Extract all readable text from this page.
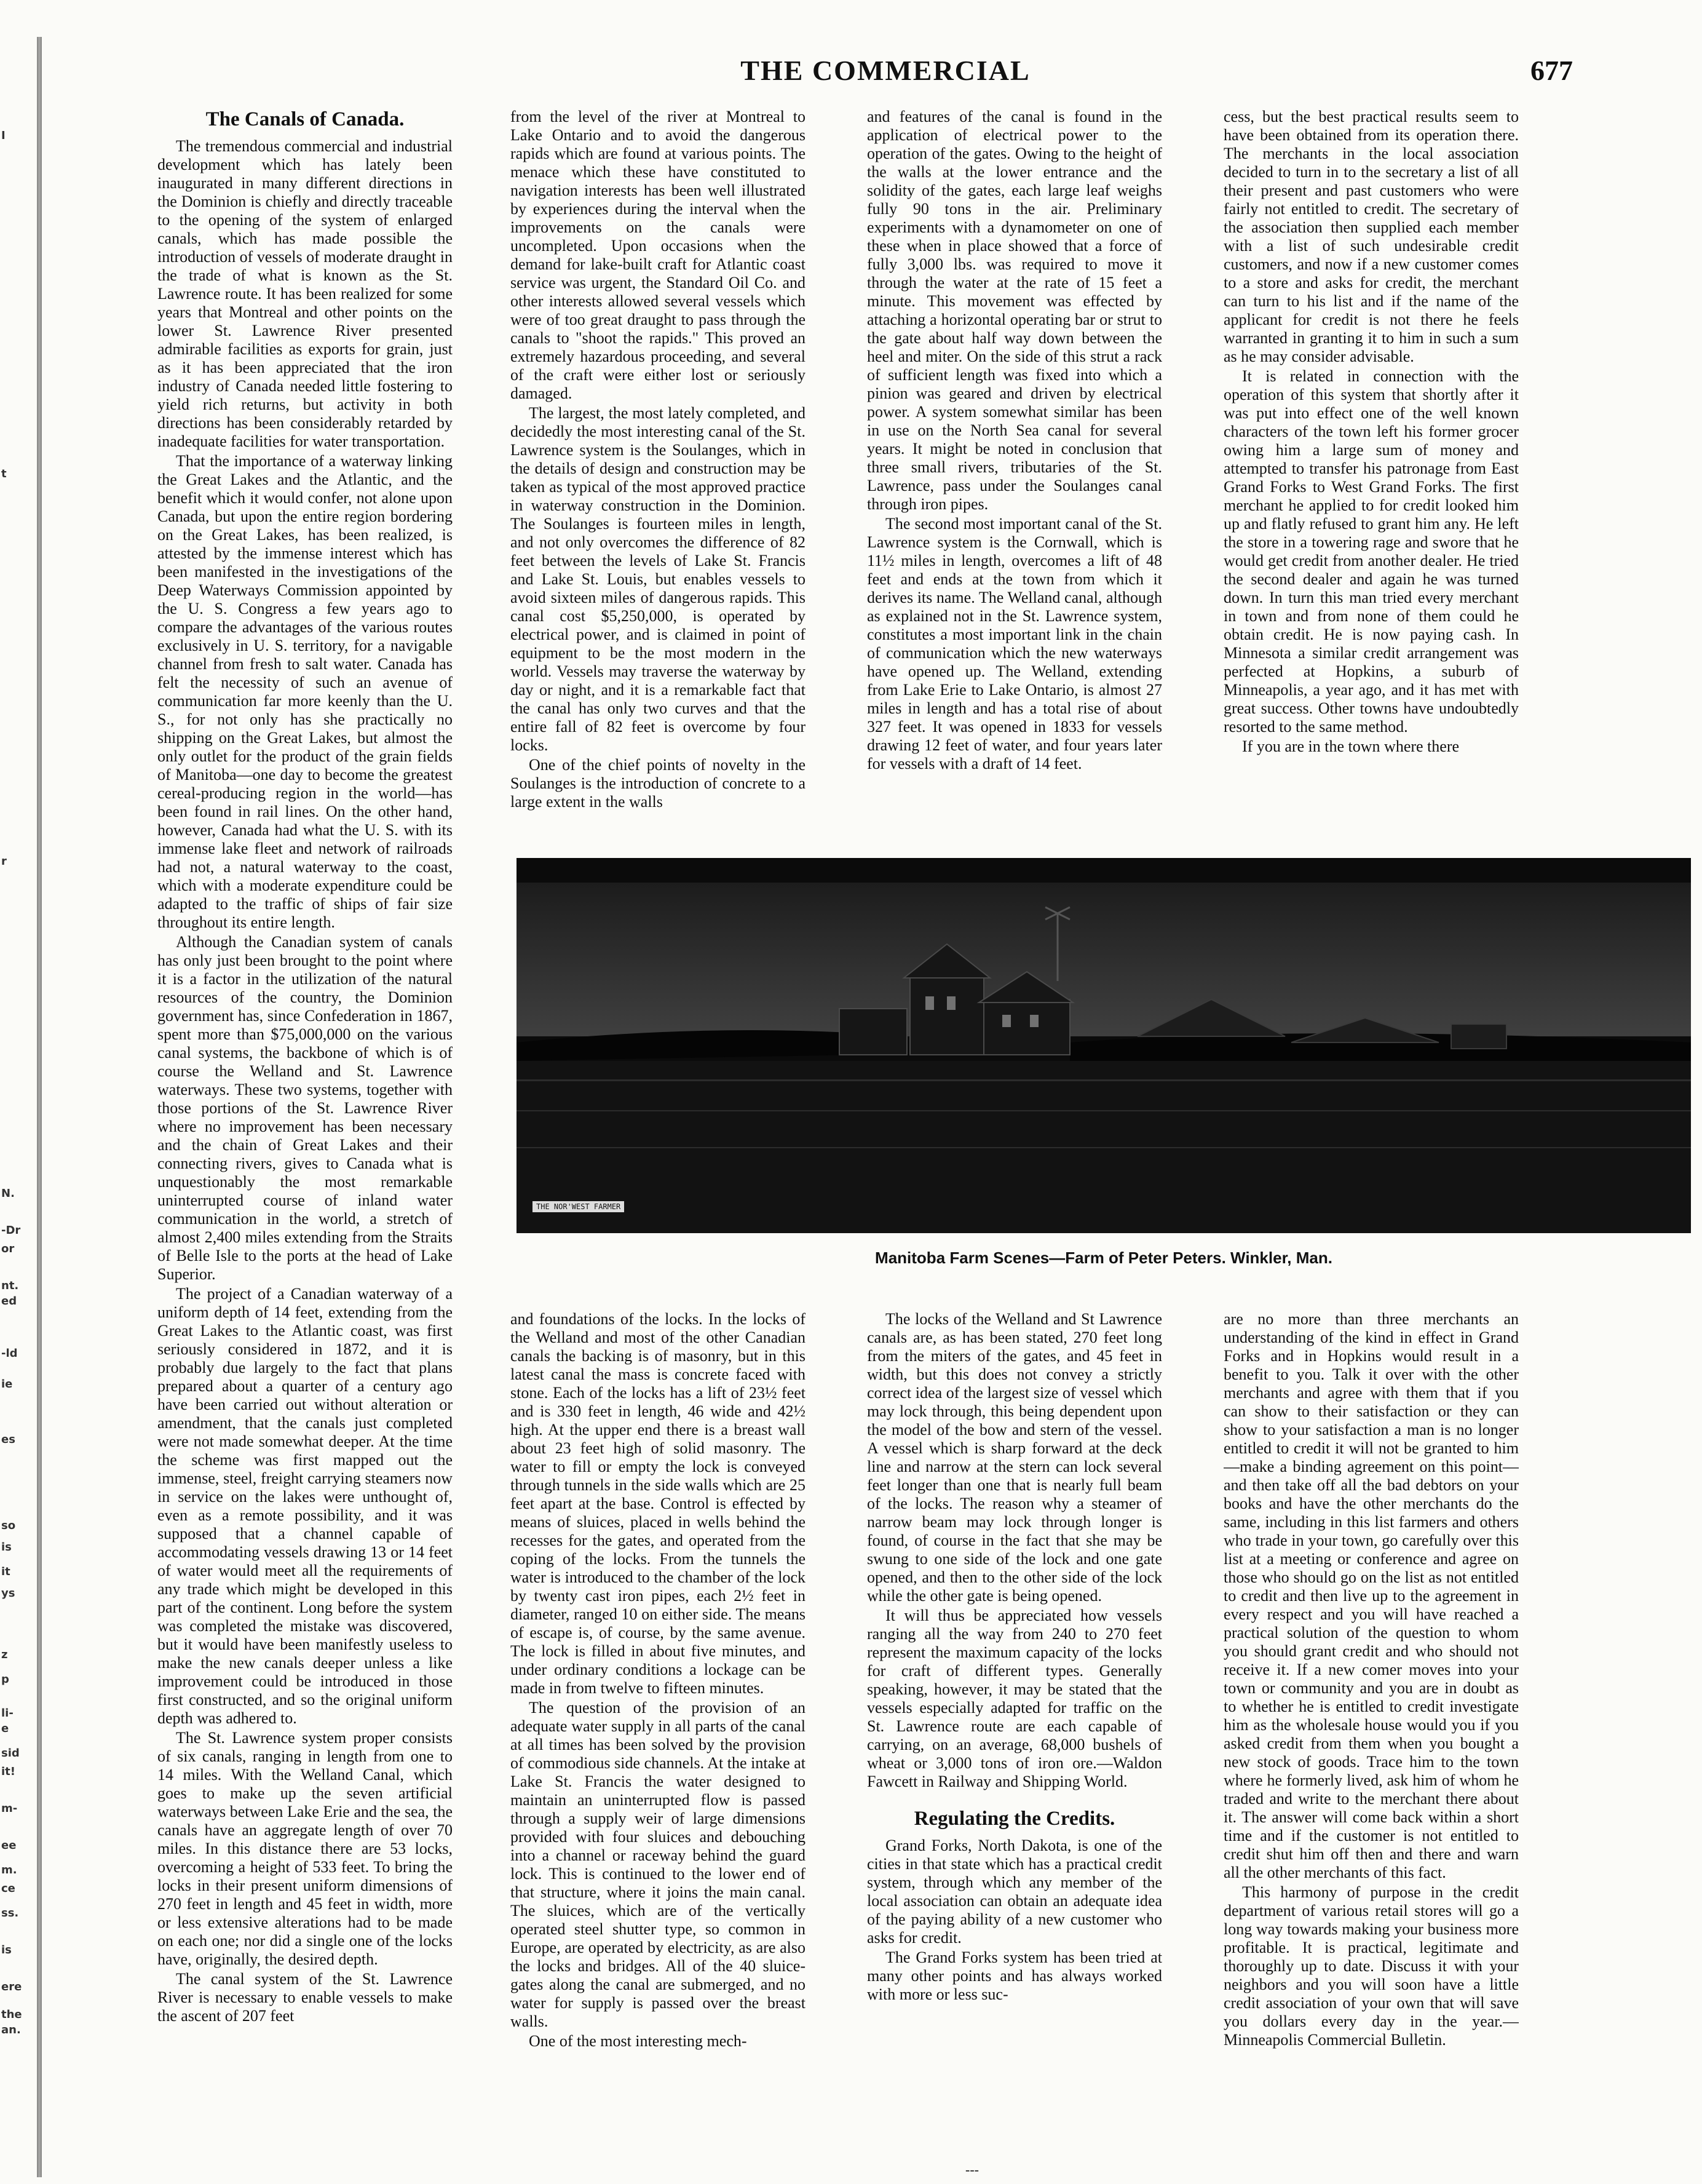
I
t
r
N.
-Dr
or
nt.
ed
-ld
ie
es
so
is
it
ys
z
p
li-
e
sid
it!
m-
ee
m.
ce
ss.
is
ere
the
an.
THE COMMERCIAL	677
The Canals of Canada.

The tremendous commercial and industrial development which has lately been inaugurated in many different directions in the Dominion is chiefly and directly traceable to the opening of the system of enlarged canals, which has made possible the introduction of vessels of moderate draught in the trade of what is known as the St. Lawrence route. It has been realized for some years that Montreal and other points on the lower St. Lawrence River presented admirable facilities as exports for grain, just as it has been appreciated that the iron industry of Canada needed little fostering to yield rich returns, but activity in both directions has been considerably retarded by inadequate facilities for water transportation.

That the importance of a waterway linking the Great Lakes and the Atlantic, and the benefit which it would confer, not alone upon Canada, but upon the entire region bordering on the Great Lakes, has been realized, is attested by the immense interest which has been manifested in the investigations of the Deep Waterways Commission appointed by the U. S. Congress a few years ago to compare the advantages of the various routes exclusively in U. S. territory, for a navigable channel from fresh to salt water. Canada has felt the necessity of such an avenue of communication far more keenly than the U. S., for not only has she practically no shipping on the Great Lakes, but almost the only outlet for the product of the grain fields of Manitoba—one day to become the greatest cereal-producing region in the world—has been found in rail lines. On the other hand, however, Canada had what the U. S. with its immense lake fleet and network of railroads had not, a natural waterway to the coast, which with a moderate expenditure could be adapted to the traffic of ships of fair size throughout its entire length.

Although the Canadian system of canals has only just been brought to the point where it is a factor in the utilization of the natural resources of the country, the Dominion government has, since Confederation in 1867, spent more than $75,000,000 on the various canal systems, the backbone of which is of course the Welland and St. Lawrence waterways. These two systems, together with those portions of the St. Lawrence River where no improvement has been necessary and the chain of Great Lakes and their connecting rivers, gives to Canada what is unquestionably the most remarkable uninterrupted course of inland water communication in the world, a stretch of almost 2,400 miles extending from the Straits of Belle Isle to the ports at the head of Lake Superior.

The project of a Canadian waterway of a uniform depth of 14 feet, extending from the Great Lakes to the Atlantic coast, was first seriously considered in 1872, and it is probably due largely to the fact that plans prepared about a quarter of a century ago have been carried out without alteration or amendment, that the canals just completed were not made somewhat deeper. At the time the scheme was first mapped out the immense, steel, freight carrying steamers now in service on the lakes were unthought of, even as a remote possibility, and it was supposed that a channel capable of accommodating vessels drawing 13 or 14 feet of water would meet all the requirements of any trade which might be developed in this part of the continent. Long before the system was completed the mistake was discovered, but it would have been manifestly useless to make the new canals deeper unless a like improvement could be introduced in those first constructed, and so the original uniform depth was adhered to.

The St. Lawrence system proper consists of six canals, ranging in length from one to 14 miles. With the Welland Canal, which goes to make up the seven artificial waterways between Lake Erie and the sea, the canals have an aggregate length of over 70 miles. In this distance there are 53 locks, overcoming a height of 533 feet. To bring the locks in their present uniform dimensions of 270 feet in length and 45 feet in width, more or less extensive alterations had to be made on each one; nor did a single one of the locks have, originally, the desired depth.

The canal system of the St. Lawrence River is necessary to enable vessels to make the ascent of 207 feet

from the level of the river at Montreal to Lake Ontario and to avoid the dangerous rapids which are found at various points. The menace which these have constituted to navigation interests has been well illustrated by experiences during the interval when the improvements on the canals were uncompleted. Upon occasions when the demand for lake-built craft for Atlantic coast service was urgent, the Standard Oil Co. and other interests allowed several vessels which were of too great draught to pass through the canals to "shoot the rapids." This proved an extremely hazardous proceeding, and several of the craft were either lost or seriously damaged.

The largest, the most lately completed, and decidedly the most interesting canal of the St. Lawrence system is the Soulanges, which in the details of design and construction may be taken as typical of the most approved practice in waterway construction in the Dominion. The Soulanges is fourteen miles in length, and not only overcomes the difference of 82 feet between the levels of Lake St. Francis and Lake St. Louis, but enables vessels to avoid sixteen miles of dangerous rapids. This canal cost $5,250,000, is operated by electrical power, and is claimed in point of equipment to be the most modern in the world. Vessels may traverse the waterway by day or night, and it is a remarkable fact that the canal has only two curves and that the entire fall of 82 feet is overcome by four locks.

One of the chief points of novelty in the Soulanges is the introduction of concrete to a large extent in the walls

and features of the canal is found in the application of electrical power to the operation of the gates. Owing to the height of the walls at the lower entrance and the solidity of the gates, each large leaf weighs fully 90 tons in the air. Preliminary experiments with a dynamometer on one of these when in place showed that a force of fully 3,000 lbs. was required to move it through the water at the rate of 15 feet a minute. This movement was effected by attaching a horizontal operating bar or strut to the gate about half way down between the heel and miter. On the side of this strut a rack of sufficient length was fixed into which a pinion was geared and driven by electrical power. A system somewhat similar has been in use on the North Sea canal for several years. It might be noted in conclusion that three small rivers, tributaries of the St. Lawrence, pass under the Soulanges canal through iron pipes.

The second most important canal of the St. Lawrence system is the Cornwall, which is 11½ miles in length, overcomes a lift of 48 feet and ends at the town from which it derives its name. The Welland canal, although as explained not in the St. Lawrence system, constitutes a most important link in the chain of communication which the new waterways have opened up. The Welland, extending from Lake Erie to Lake Ontario, is almost 27 miles in length and has a total rise of about 327 feet. It was opened in 1833 for vessels drawing 12 feet of water, and four years later for vessels with a draft of 14 feet.

cess, but the best practical results seem to have been obtained from its operation there. The merchants in the local association decided to turn in to the secretary a list of all their present and past customers who were fairly not entitled to credit. The secretary of the association then supplied each member with a list of such undesirable credit customers, and now if a new customer comes to a store and asks for credit, the merchant can turn to his list and if the name of the applicant for credit is not there he feels warranted in granting it to him in such a sum as he may consider advisable.

It is related in connection with the operation of this system that shortly after it was put into effect one of the well known characters of the town left his former grocer owing him a large sum of money and attempted to transfer his patronage from East Grand Forks to West Grand Forks. The first merchant he applied to for credit looked him up and flatly refused to grant him any. He left the store in a towering rage and swore that he would get credit from another dealer. He tried the second dealer and again he was turned down. In turn this man tried every merchant in town and from none of them could he obtain credit. He is now paying cash. In Minnesota a similar credit arrangement was perfected at Hopkins, a suburb of Minneapolis, a year ago, and it has met with great success. Other towns have undoubtedly resorted to the same method.

If you are in the town where there

THE NOR'WEST FARMER
Manitoba Farm Scenes—Farm of Peter Peters. Winkler, Man.

and foundations of the locks. In the locks of the Welland and most of the other Canadian canals the backing is of masonry, but in this latest canal the mass is concrete faced with stone. Each of the locks has a lift of 23½ feet and is 330 feet in length, 46 wide and 42½ high. At the upper end there is a breast wall about 23 feet high of solid masonry. The water to fill or empty the lock is conveyed through tunnels in the side walls which are 25 feet apart at the base. Control is effected by means of sluices, placed in wells behind the recesses for the gates, and operated from the coping of the locks. From the tunnels the water is introduced to the chamber of the lock by twenty cast iron pipes, each 2½ feet in diameter, ranged 10 on either side. The means of escape is, of course, by the same avenue. The lock is filled in about five minutes, and under ordinary conditions a lockage can be made in from twelve to fifteen minutes.

The question of the provision of an adequate water supply in all parts of the canal at all times has been solved by the provision of commodious side channels. At the intake at Lake St. Francis the water designed to maintain an uninterrupted flow is passed through a supply weir of large dimensions provided with four sluices and debouching into a channel or raceway behind the guard lock. This is continued to the lower end of that structure, where it joins the main canal. The sluices, which are of the vertically operated steel shutter type, so common in Europe, are operated by electricity, as are also the locks and bridges. All of the 40 sluice-gates along the canal are submerged, and no water for supply is passed over the breast walls.

One of the most interesting mech-

The locks of the Welland and St Lawrence canals are, as has been stated, 270 feet long from the miters of the gates, and 45 feet in width, but this does not convey a strictly correct idea of the largest size of vessel which may lock through, this being dependent upon the model of the bow and stern of the vessel. A vessel which is sharp forward at the deck line and narrow at the stern can lock several feet longer than one that is nearly full beam of the locks. The reason why a steamer of narrow beam may lock through longer is found, of course in the fact that she may be swung to one side of the lock and one gate opened, and then to the other side of the lock while the other gate is being opened.

It will thus be appreciated how vessels ranging all the way from 240 to 270 feet represent the maximum capacity of the locks for craft of different types. Generally speaking, however, it may be stated that the vessels especially adapted for traffic on the St. Lawrence route are each capable of carrying, on an average, 68,000 bushels of wheat or 3,000 tons of iron ore.—Waldon Fawcett in Railway and Shipping World.

Regulating the Credits.

Grand Forks, North Dakota, is one of the cities in that state which has a practical credit system, through which any member of the local association can obtain an adequate idea of the paying ability of a new customer who asks for credit.

The Grand Forks system has been tried at many other points and has always worked with more or less suc-

are no more than three merchants an understanding of the kind in effect in Grand Forks and in Hopkins would result in a benefit to you. Talk it over with the other merchants and agree with them that if you can show to their satisfaction or they can show to your satisfaction a man is no longer entitled to credit it will not be granted to him—make a binding agreement on this point—and then take off all the bad debtors on your books and have the other merchants do the same, including in this list farmers and others who trade in your town, go carefully over this list at a meeting or conference and agree on those who should go on the list as not entitled to credit and then live up to the agreement in every respect and you will have reached a practical solution of the question to whom you should grant credit and who should not receive it. If a new comer moves into your town or community and you are in doubt as to whether he is entitled to credit investigate him as the wholesale house would you if you asked credit from them when you bought a new stock of goods. Trace him to the town where he formerly lived, ask him of whom he traded and write to the merchant there about it. The answer will come back within a short time and if the customer is not entitled to credit shut him off then and there and warn all the other merchants of this fact.

This harmony of purpose in the credit department of various retail stores will go a long way towards making your business more profitable. It is practical, legitimate and thoroughly up to date. Discuss it with your neighbors and you will soon have a little credit association of your own that will save you dollars every day in the year.—Minneapolis Commercial Bulletin.

---
